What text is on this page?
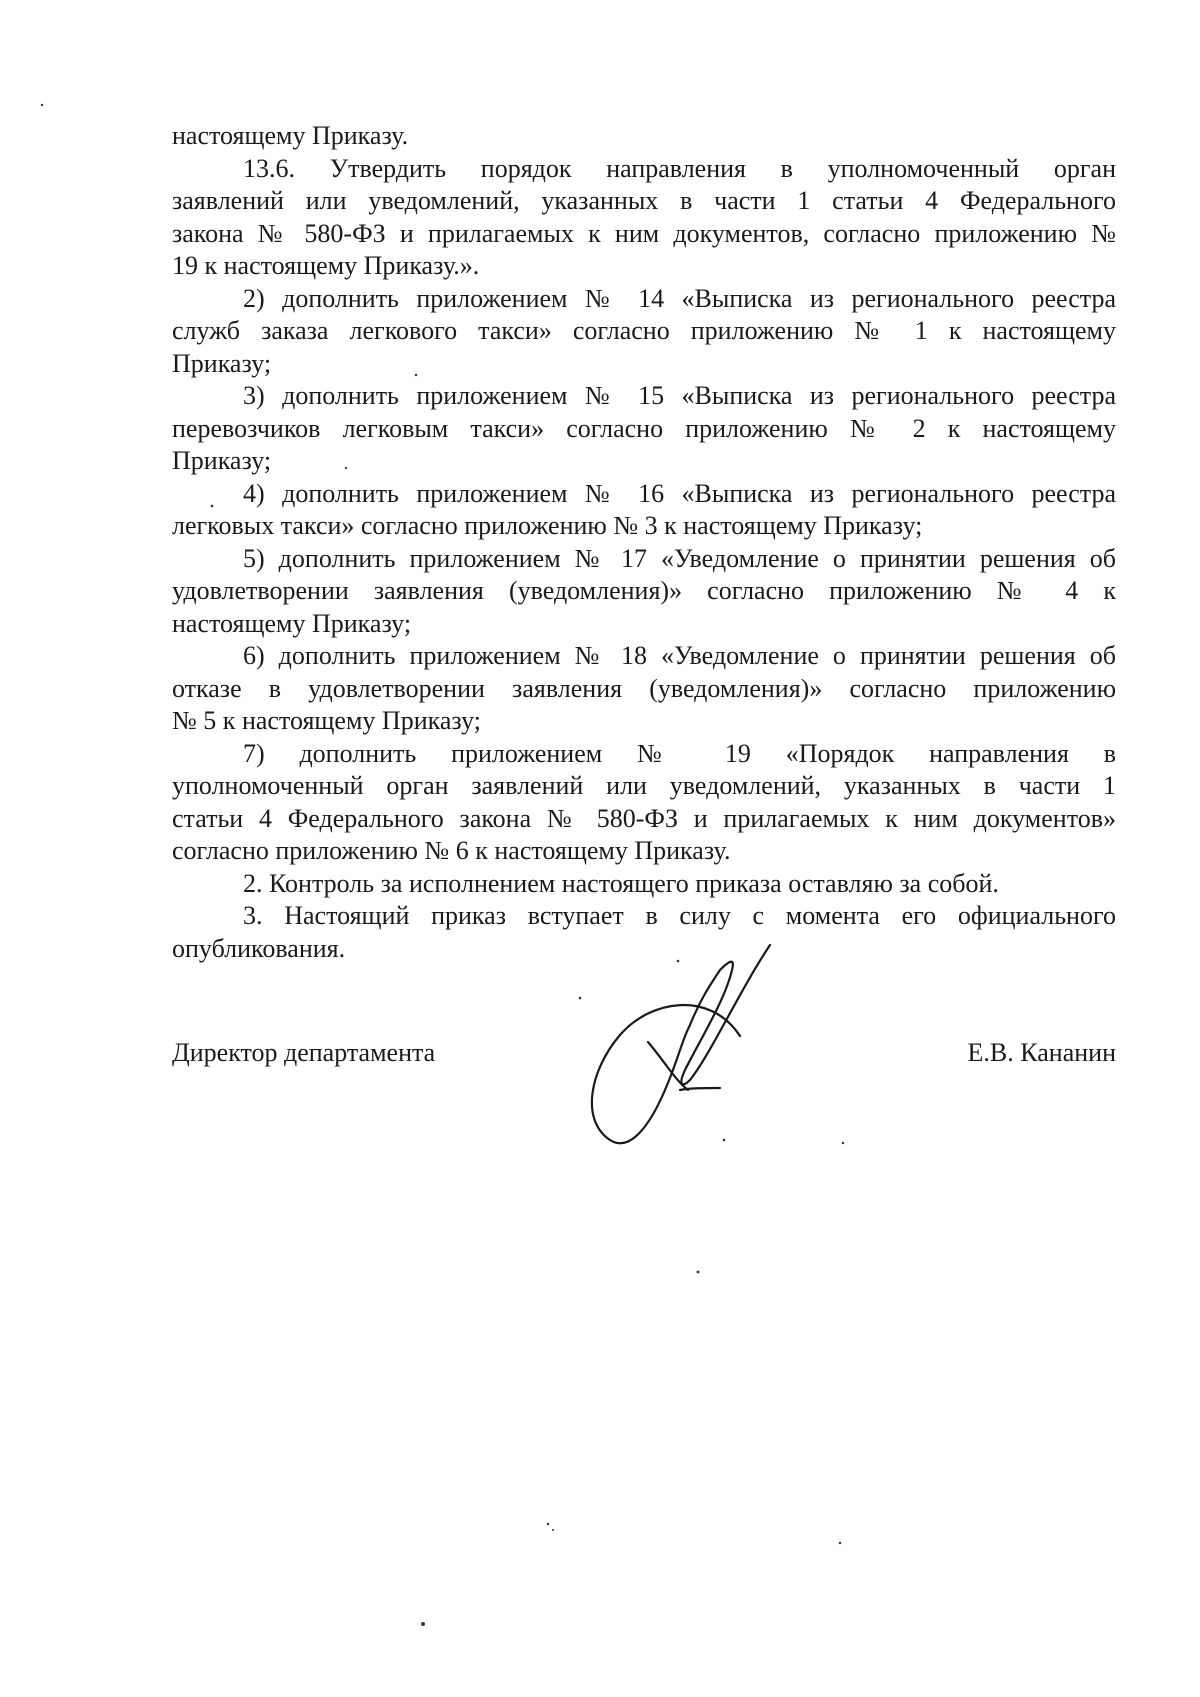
настоящему Приказу.

13.6. Утвердить порядок направления в уполномоченный орган

заявлений или уведомлений, указанных в части 1 статьи 4 Федерального

закона № 580-ФЗ и прилагаемых к ним документов, согласно приложению №

19 к настоящему Приказу.».

2) дополнить приложением № 14 «Выписка из регионального реестра

служб заказа легкового такси» согласно приложению № 1 к настоящему

Приказу;

3) дополнить приложением № 15 «Выписка из регионального реестра

перевозчиков легковым такси» согласно приложению № 2 к настоящему

Приказу;

4) дополнить приложением № 16 «Выписка из регионального реестра

легковых такси» согласно приложению № 3 к настоящему Приказу;

5) дополнить приложением № 17 «Уведомление о принятии решения об

удовлетворении заявления (уведомления)» согласно приложению № 4 к

настоящему Приказу;

6) дополнить приложением № 18 «Уведомление о принятии решения об

отказе в удовлетворении заявления (уведомления)» согласно приложению

№ 5 к настоящему Приказу;

7) дополнить приложением № 19 «Порядок направления в

уполномоченный орган заявлений или уведомлений, указанных в части 1

статьи 4 Федерального закона № 580-ФЗ и прилагаемых к ним документов»

согласно приложению № 6 к настоящему Приказу.

2. Контроль за исполнением настоящего приказа оставляю за собой.

3. Настоящий приказ вступает в силу с момента его официального

опубликования.

Директор департамента	Е.В. Кананин
